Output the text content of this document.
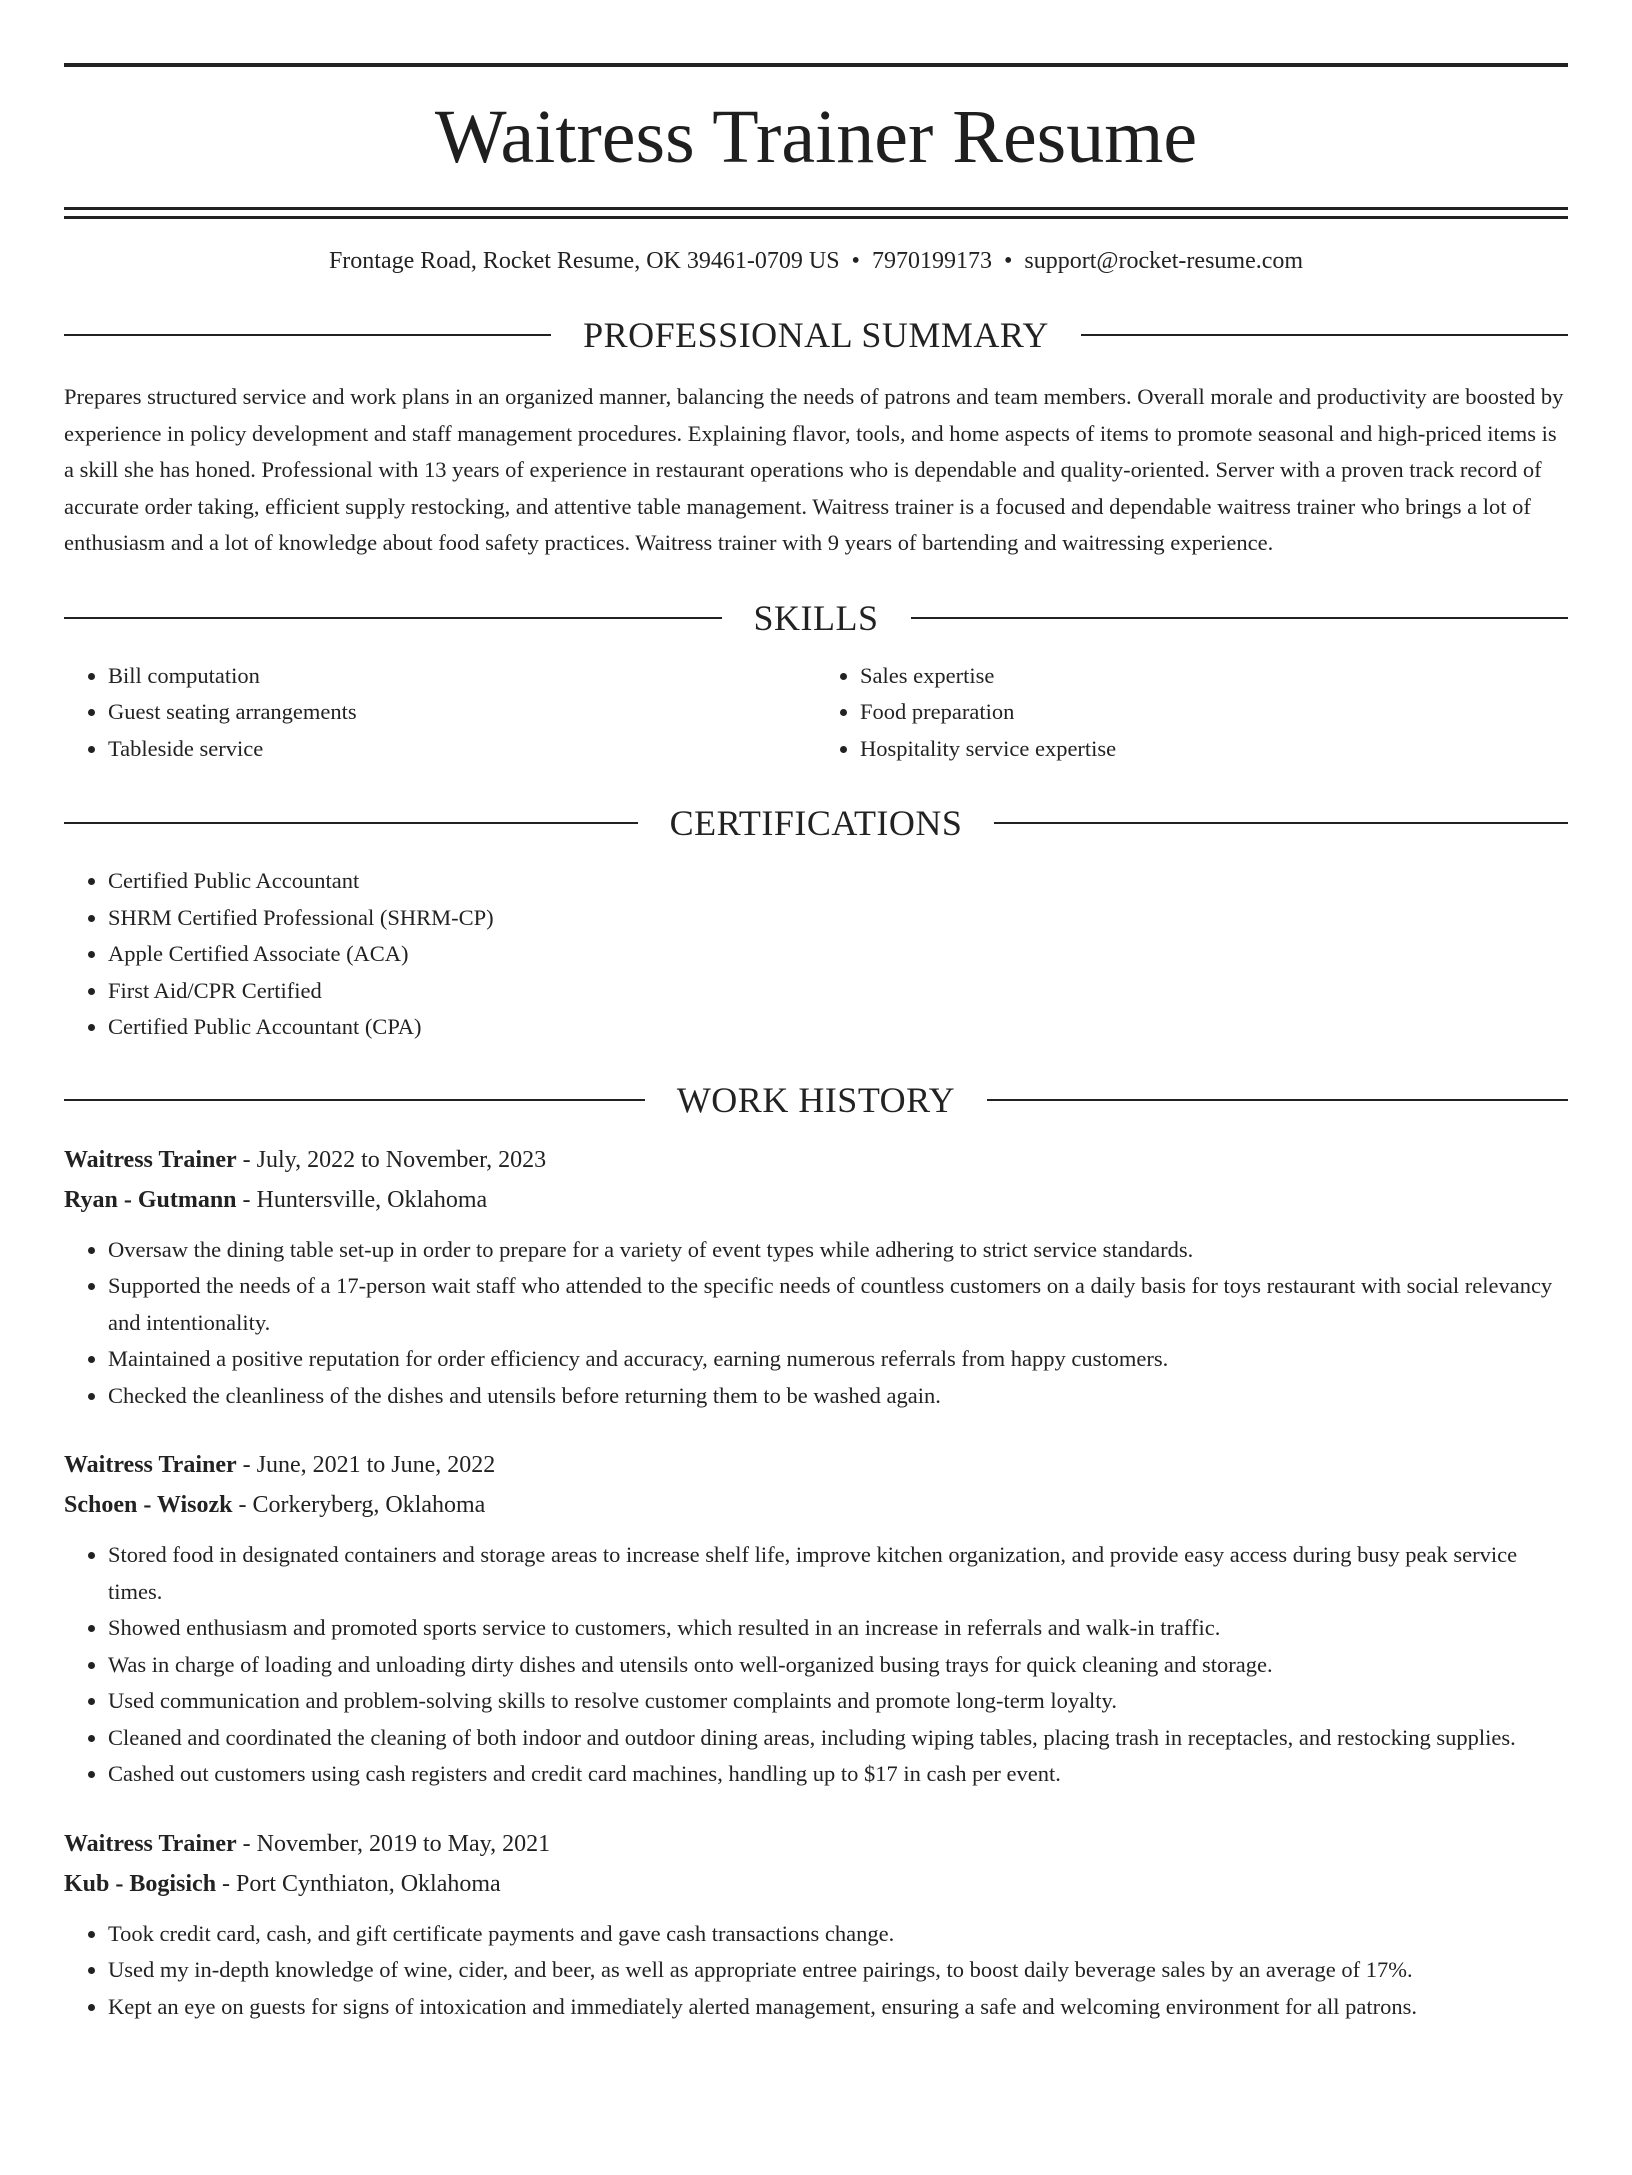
Waitress Trainer Resume
Frontage Road, Rocket Resume, OK 39461-0709 US • 7970199173 • support@rocket-resume.com
PROFESSIONAL SUMMARY

Prepares structured service and work plans in an organized manner, balancing the needs of patrons and team members. Overall morale and productivity are boosted by experience in policy development and staff management procedures. Explaining flavor, tools, and home aspects of items to promote seasonal and high-priced items is a skill she has honed. Professional with 13 years of experience in restaurant operations who is dependable and quality-oriented. Server with a proven track record of accurate order taking, efficient supply restocking, and attentive table management. Waitress trainer is a focused and dependable waitress trainer who brings a lot of enthusiasm and a lot of knowledge about food safety practices. Waitress trainer with 9 years of bartending and waitressing experience.

SKILLS
• Bill computation
• Guest seating arrangements
• Tableside service
• Sales expertise
• Food preparation
• Hospitality service expertise
CERTIFICATIONS
• Certified Public Accountant
• SHRM Certified Professional (SHRM-CP)
• Apple Certified Associate (ACA)
• First Aid/CPR Certified
• Certified Public Accountant (CPA)
WORK HISTORY
Waitress Trainer - July, 2022 to November, 2023
Ryan - Gutmann - Huntersville, Oklahoma
• Oversaw the dining table set-up in order to prepare for a variety of event types while adhering to strict service standards.
• Supported the needs of a 17-person wait staff who attended to the specific needs of countless customers on a daily basis for toys restaurant with social relevancy and intentionality.
• Maintained a positive reputation for order efficiency and accuracy, earning numerous referrals from happy customers.
• Checked the cleanliness of the dishes and utensils before returning them to be washed again.
Waitress Trainer - June, 2021 to June, 2022
Schoen - Wisozk - Corkeryberg, Oklahoma
• Stored food in designated containers and storage areas to increase shelf life, improve kitchen organization, and provide easy access during busy peak service times.
• Showed enthusiasm and promoted sports service to customers, which resulted in an increase in referrals and walk-in traffic.
• Was in charge of loading and unloading dirty dishes and utensils onto well-organized busing trays for quick cleaning and storage.
• Used communication and problem-solving skills to resolve customer complaints and promote long-term loyalty.
• Cleaned and coordinated the cleaning of both indoor and outdoor dining areas, including wiping tables, placing trash in receptacles, and restocking supplies.
• Cashed out customers using cash registers and credit card machines, handling up to $17 in cash per event.
Waitress Trainer - November, 2019 to May, 2021
Kub - Bogisich - Port Cynthiaton, Oklahoma
• Took credit card, cash, and gift certificate payments and gave cash transactions change.
• Used my in-depth knowledge of wine, cider, and beer, as well as appropriate entree pairings, to boost daily beverage sales by an average of 17%.
• Kept an eye on guests for signs of intoxication and immediately alerted management, ensuring a safe and welcoming environment for all patrons.
